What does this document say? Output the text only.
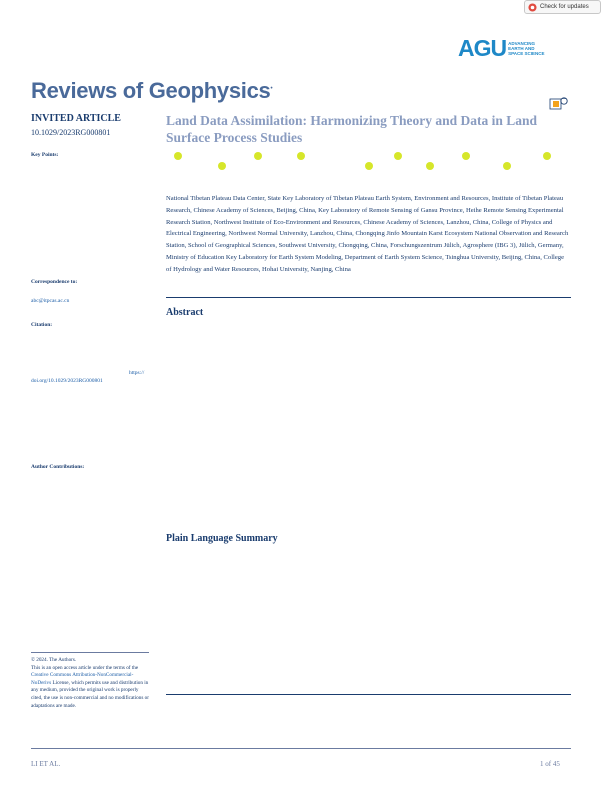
Check for updates
AGU ADVANCING EARTH AND SPACE SCIENCE
Reviews of Geophysics•
INVITED ARTICLE
10.1029/2023RG000801
Key Points:
Correspondence to:
abc@itpcas.ac.cn
Citation:
https://
doi.org/10.1029/2023RG000801
Author Contributions:
© 2024. The Authors.
This is an open access article under the terms of the Creative Commons Attribution-NonCommercial-NoDerivs License, which permits use and distribution in any medium, provided the original work is properly cited, the use is non-commercial and no modifications or adaptations are made.
Land Data Assimilation: Harmonizing Theory and Data in Land Surface Process Studies
National Tibetan Plateau Data Center, State Key Laboratory of Tibetan Plateau Earth System, Environment and Resources, Institute of Tibetan Plateau Research, Chinese Academy of Sciences, Beijing, China, Key Laboratory of Remote Sensing of Gansu Province, Heihe Remote Sensing Experimental Research Station, Northwest Institute of Eco-Environment and Resources, Chinese Academy of Sciences, Lanzhou, China, College of Physics and Electrical Engineering, Northwest Normal University, Lanzhou, China, Chongqing Jinfo Mountain Karst Ecosystem National Observation and Research Station, School of Geographical Sciences, Southwest University, Chongqing, China, Forschungszentrum Jülich, Agrosphere (IBG 3), Jülich, Germany, Ministry of Education Key Laboratory for Earth System Modeling, Department of Earth System Science, Tsinghua University, Beijing, China, College of Hydrology and Water Resources, Hohai University, Nanjing, China
Abstract
Plain Language Summary
LI ET AL.	1 of 45
